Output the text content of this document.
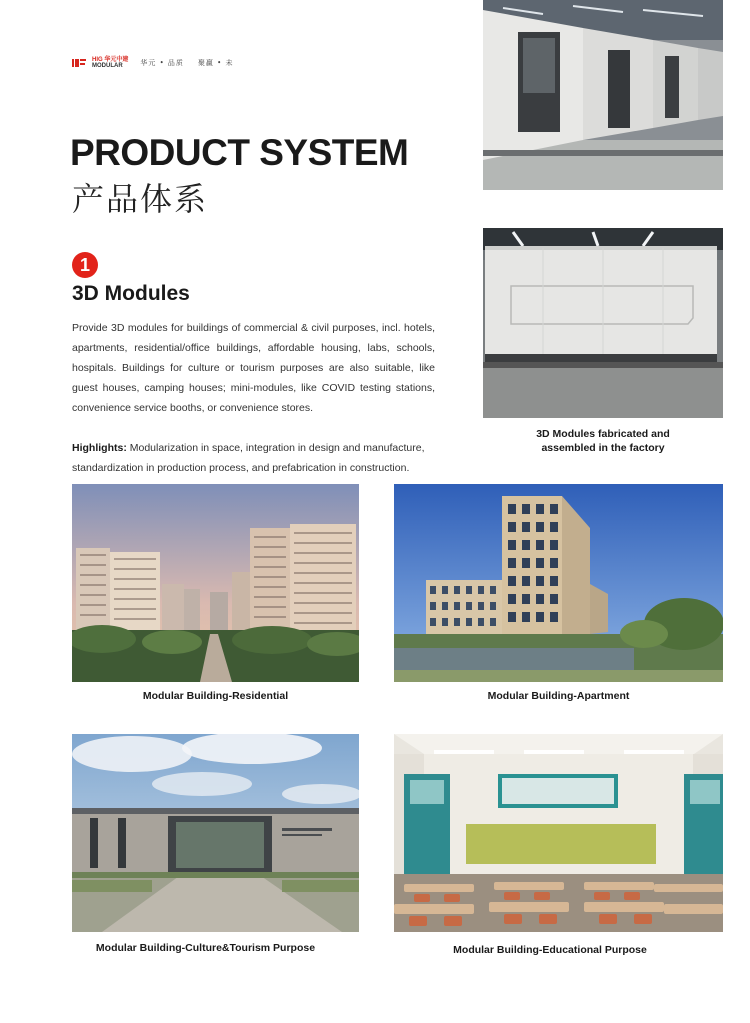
HIG 华元中建
MODULAR	华元 • 品质 聚赢 • 未
PRODUCT SYSTEM
产品体系
1
3D Modules
Provide 3D modules for buildings of commercial & civil purposes, incl. hotels, apartments, residential/office buildings, affordable housing, labs, schools, hospitals. Buildings for culture or tourism purposes are also suitable, like guest houses, camping houses; mini-modules, like COVID testing stations, convenience service booths, or convenience stores.
Highlights: Modularization in space, integration in design and manufacture, standardization in production process, and prefabrication in construction.
3D Modules fabricated and
assembled in the factory
Modular Building-Residential	Modular Building-Apartment
Modular Building-Culture&Tourism Purpose	Modular Building-Educational Purpose
